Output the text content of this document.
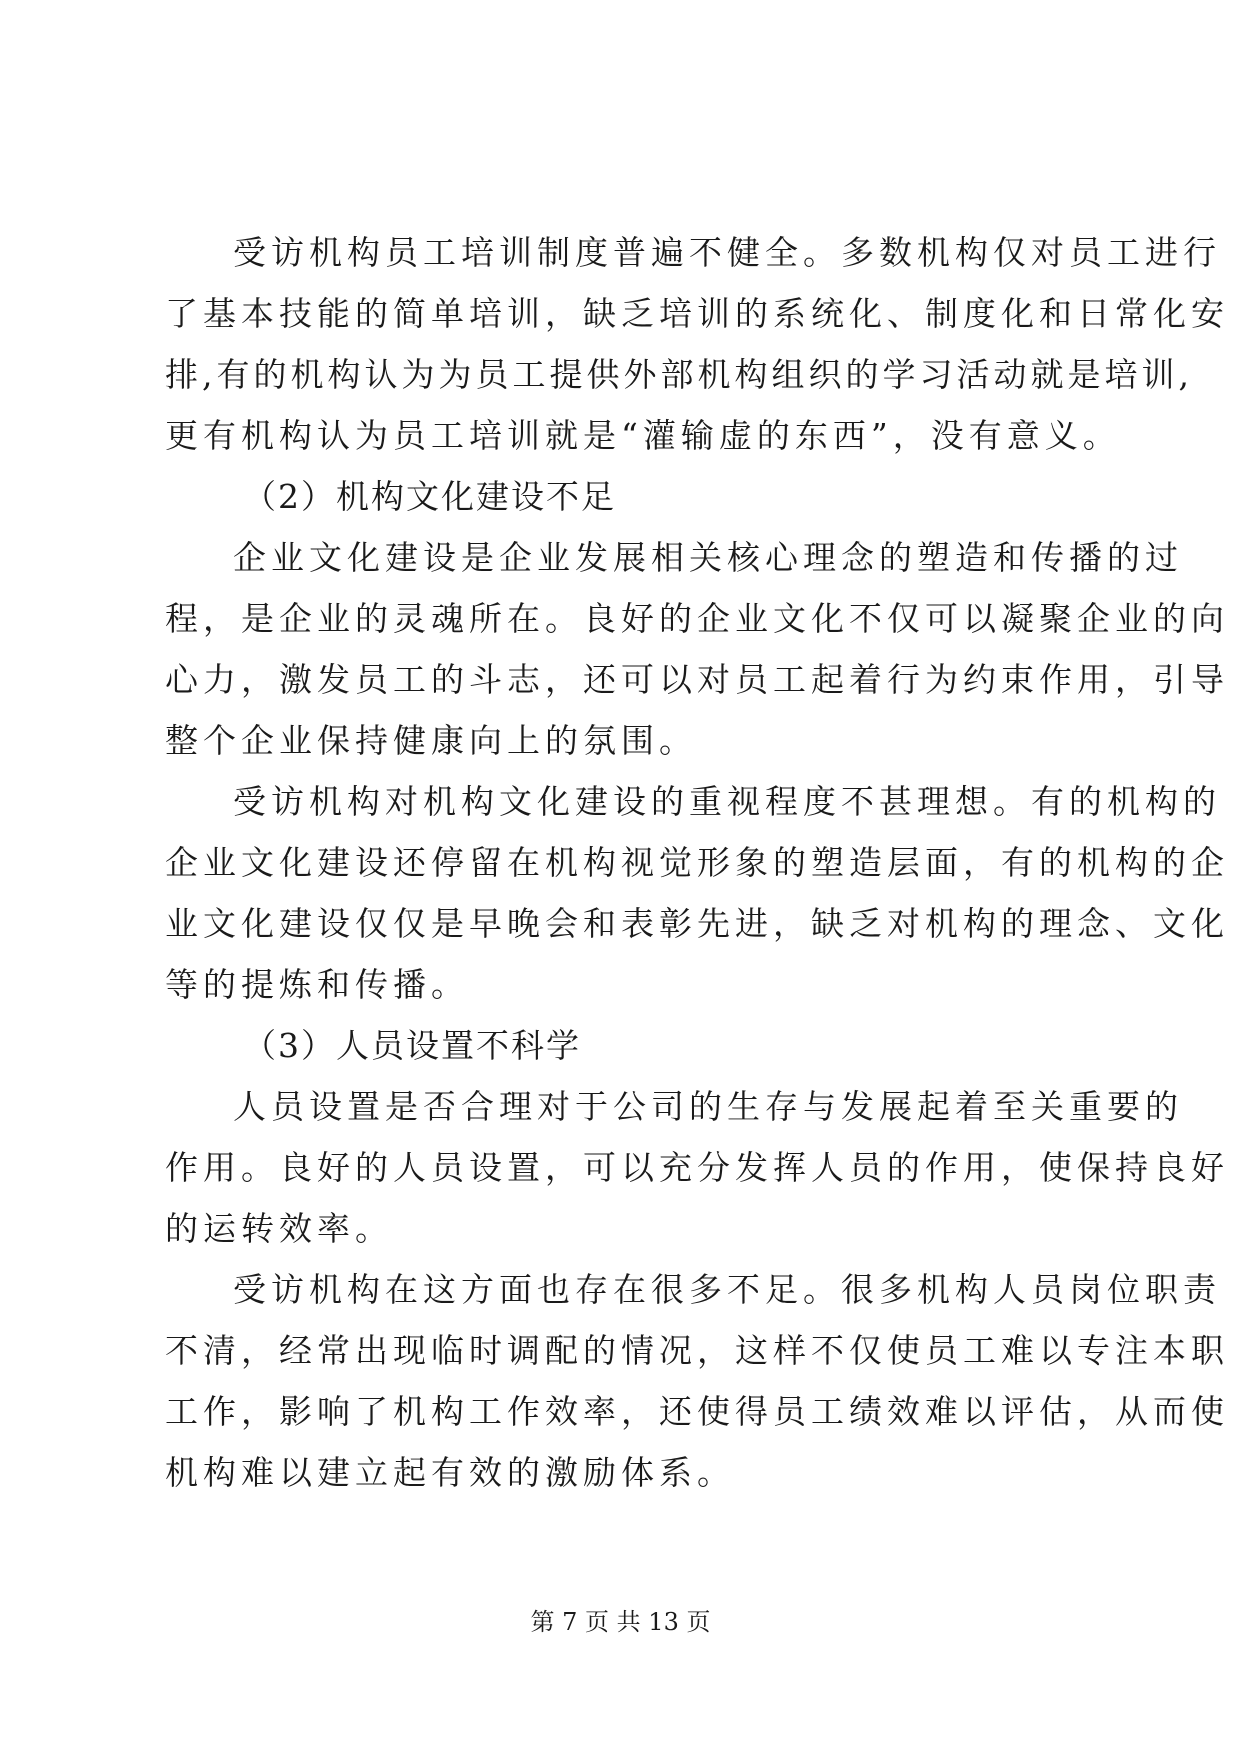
受访机构员工培训制度普遍不健全。多数机构仅对员工进行
了基本技能的简单培训，缺乏培训的系统化、制度化和日常化安
排,有的机构认为为员工提供外部机构组织的学习活动就是培训,
更有机构认为员工培训就是“灌输虚的东西”，没有意义。
（2）机构文化建设不足
企业文化建设是企业发展相关核心理念的塑造和传播的过
程，是企业的灵魂所在。良好的企业文化不仅可以凝聚企业的向
心力，激发员工的斗志，还可以对员工起着行为约束作用，引导
整个企业保持健康向上的氛围。
受访机构对机构文化建设的重视程度不甚理想。有的机构的
企业文化建设还停留在机构视觉形象的塑造层面，有的机构的企
业文化建设仅仅是早晚会和表彰先进，缺乏对机构的理念、文化
等的提炼和传播。
（3）人员设置不科学
人员设置是否合理对于公司的生存与发展起着至关重要的
作用。良好的人员设置，可以充分发挥人员的作用，使保持良好
的运转效率。
受访机构在这方面也存在很多不足。很多机构人员岗位职责
不清，经常出现临时调配的情况，这样不仅使员工难以专注本职
工作，影响了机构工作效率，还使得员工绩效难以评估，从而使
机构难以建立起有效的激励体系。
第 7 页 共 13 页
